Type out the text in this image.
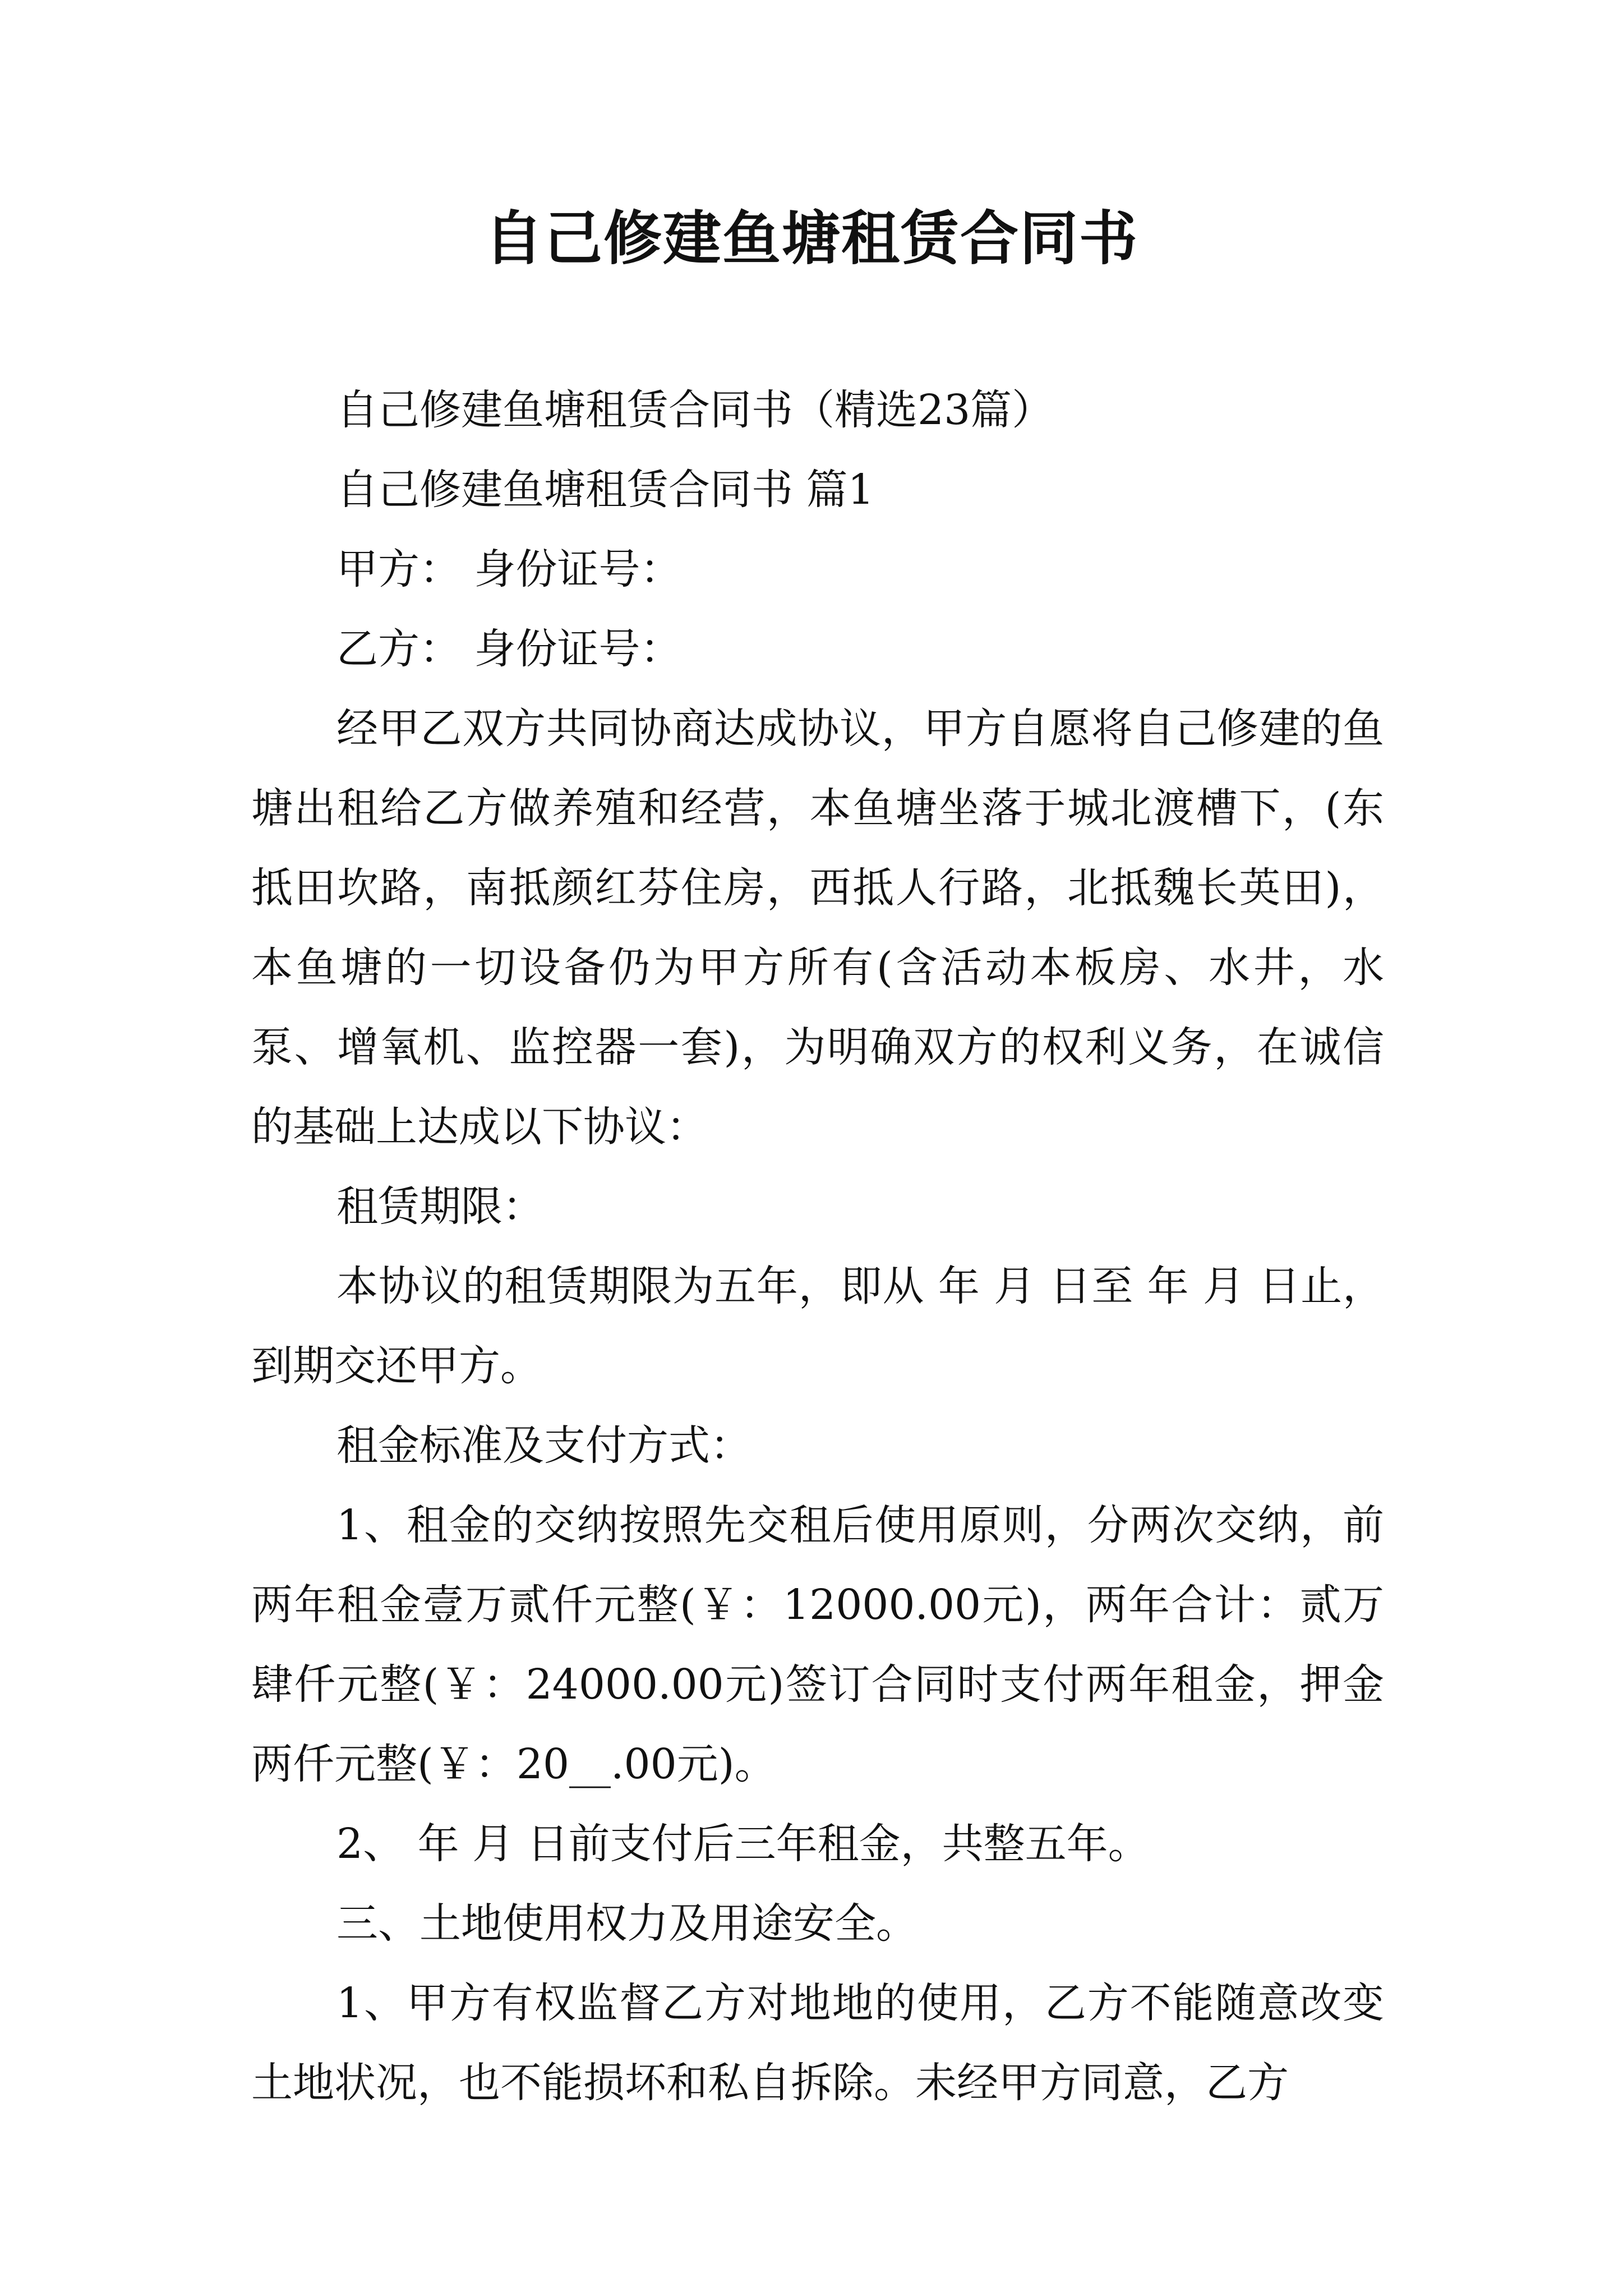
自己修建鱼塘租赁合同书

自己修建鱼塘租赁合同书（精选23篇）

自己修建鱼塘租赁合同书 篇1

甲方： 身份证号：

乙方： 身份证号：

经甲乙双方共同协商达成协议，甲方自愿将自己修建的鱼塘出租给乙方做养殖和经营，本鱼塘坐落于城北渡槽下，(东抵田坎路，南抵颜红芬住房，西抵人行路，北抵魏长英田)，本鱼塘的一切设备仍为甲方所有(含活动本板房、水井，水泵、增氧机、监控器一套)，为明确双方的权利义务，在诚信的基础上达成以下协议：

租赁期限：

本协议的租赁期限为五年，即从 年 月 日至 年 月 日止，到期交还甲方。

租金标准及支付方式：

1、租金的交纳按照先交租后使用原则，分两次交纳，前两年租金壹万贰仟元整(￥：12000.00元)，两年合计：贰万肆仟元整(￥：24000.00元)签订合同时支付两年租金，押金两仟元整(￥：20__.00元)。

2、 年 月 日前支付后三年租金，共整五年。

三、土地使用权力及用途安全。

1、甲方有权监督乙方对地地的使用，乙方不能随意改变土地状况，也不能损坏和私自拆除。未经甲方同意，乙方
